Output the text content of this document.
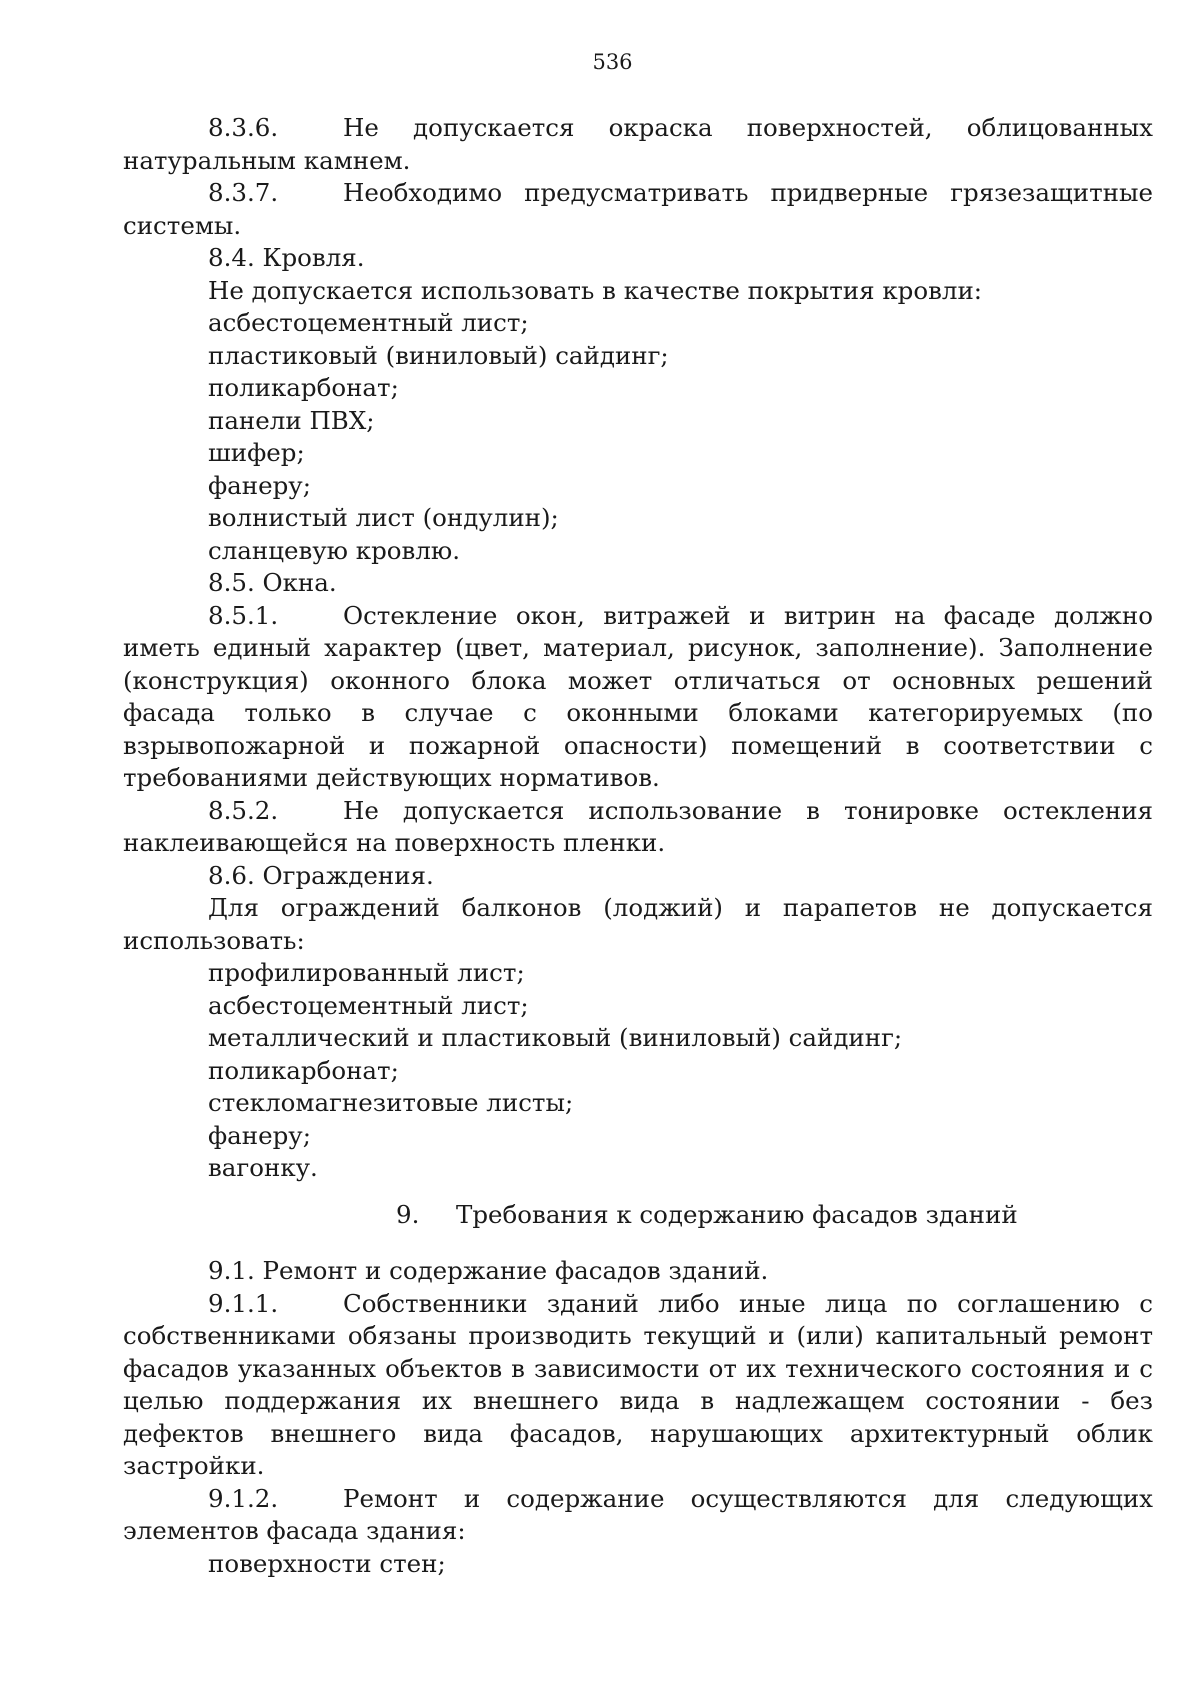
536

8.3.6.	Не допускается окраска поверхностей, облицованных натуральным камнем.

8.3.7.	Необходимо предусматривать придверные грязезащитные системы.

8.4. Кровля.

Не допускается использовать в качестве покрытия кровли:

асбестоцементный лист;

пластиковый (виниловый) сайдинг;

поликарбонат;

панели ПВХ;

шифер;

фанеру;

волнистый лист (ондулин);

сланцевую кровлю.

8.5. Окна.

8.5.1.	Остекление окон, витражей и витрин на фасаде должно иметь единый характер (цвет, материал, рисунок, заполнение). Заполнение (конструкция) оконного блока может отличаться от основных решений фасада только в случае с оконными блоками категорируемых (по взрывопожарной и пожарной опасности) помещений в соответствии с требованиями действующих нормативов.

8.5.2.	Не допускается использование в тонировке остекления наклеивающейся на поверхность пленки.

8.6. Ограждения.

Для ограждений балконов (лоджий) и парапетов не допускается использовать:

профилированный лист;

асбестоцементный лист;

металлический и пластиковый (виниловый) сайдинг;

поликарбонат;

стекломагнезитовые листы;

фанеру;

вагонку.

9. Требования к содержанию фасадов зданий

9.1. Ремонт и содержание фасадов зданий.

9.1.1.	Собственники зданий либо иные лица по соглашению с собственниками обязаны производить текущий и (или) капитальный ремонт фасадов указанных объектов в зависимости от их технического состояния и с целью поддержания их внешнего вида в надлежащем состоянии - без дефектов внешнего вида фасадов, нарушающих архитектурный облик застройки.

9.1.2.	Ремонт и содержание осуществляются для следующих элементов фасада здания:

поверхности стен;
